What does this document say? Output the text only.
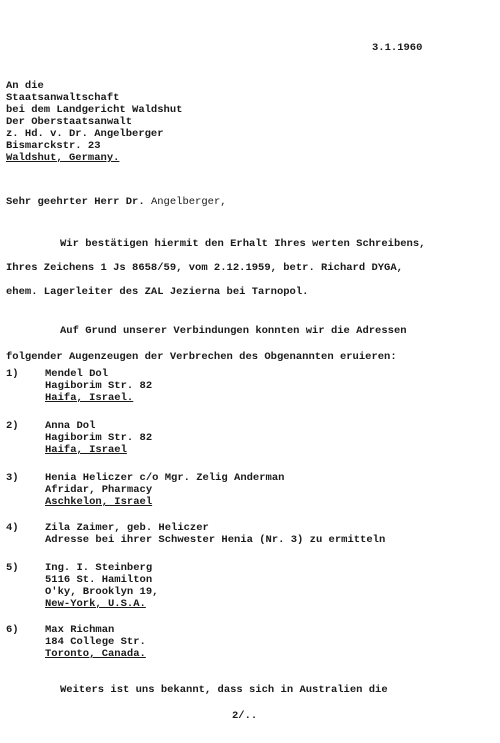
3.1.1960
An die
Staatsanwaltschaft
bei dem Landgericht Waldshut
Der Oberstaatsanwalt
z. Hd. v. Dr. Angelberger
Bismarckstr. 23
Waldshut, Germany.
Sehr geehrter Herr Dr. Angelberger,

Wir bestätigen hiermit den Erhalt Ihres werten Schreibens,

Ihres Zeichens 1 Js 8658/59, vom 2.12.1959, betr. Richard DYGA,

ehem. Lagerleiter des ZAL Jezierna bei Tarnopol.

Auf Grund unserer Verbindungen konnten wir die Adressen

folgender Augenzeugen der Verbrechen des Obgenannten eruieren:

1)	Mendel Dol
Hagiborim Str. 82
Haifa, Israel.
2)	Anna Dol
Hagiborim Str. 82
Haifa, Israel
3)	Henia Heliczer c/o Mgr. Zelig Anderman
Afridar, Pharmacy
Aschkelon, Israel
4)	Zila Zaimer, geb. Heliczer
Adresse bei ihrer Schwester Henia (Nr. 3) zu ermitteln
5)	Ing. I. Steinberg
5116 St. Hamilton
O'ky, Brooklyn 19,
New-York, U.S.A.
6)	Max Richman
184 College Str.
Toronto, Canada.
Weiters ist uns bekannt, dass sich in Australien die
2/..
